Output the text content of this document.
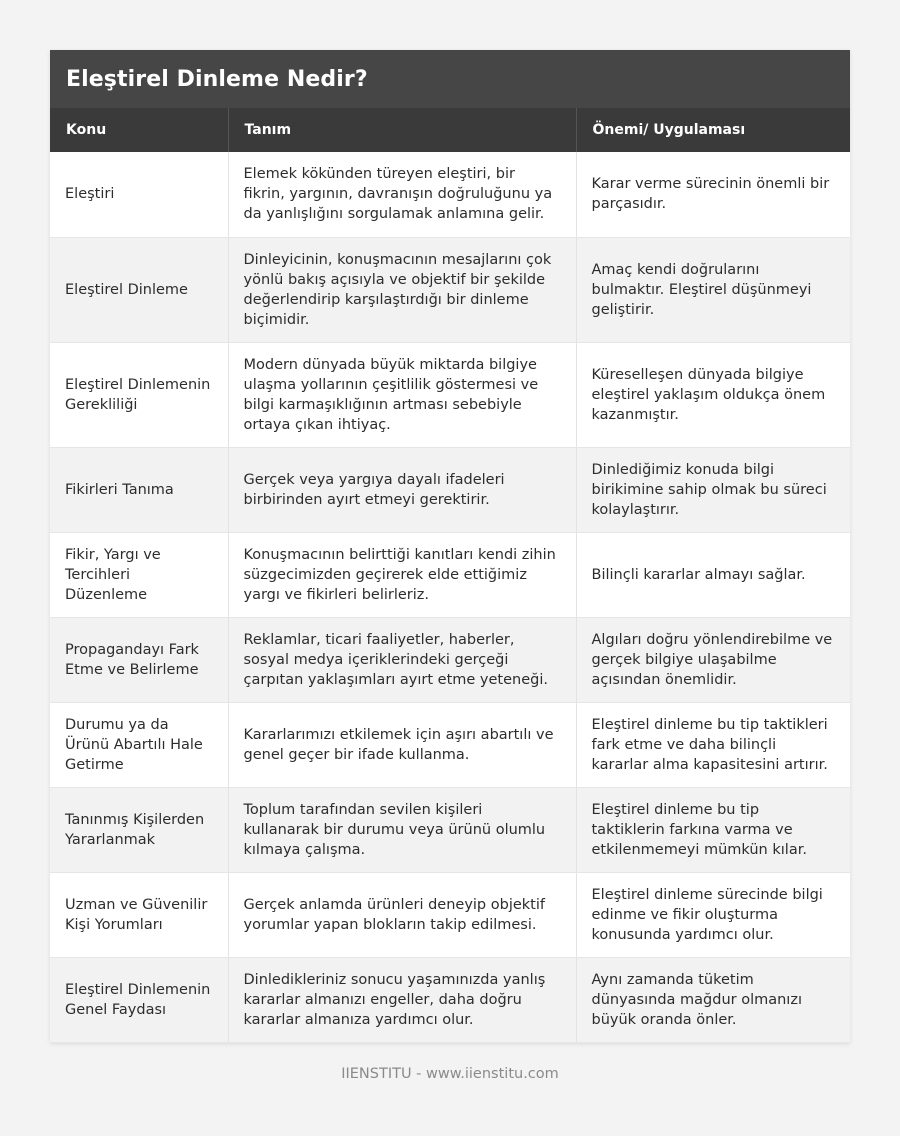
Eleştirel Dinleme Nedir?
Konu	Tanım	Önemi/ Uygulaması
Eleştiri	Elemek kökünden türeyen eleştiri, bir fikrin, yargının, davranışın doğruluğunu ya da yanlışlığını sorgulamak anlamına gelir.	Karar verme sürecinin önemli bir parçasıdır.
Eleştirel Dinleme	Dinleyicinin, konuşmacının mesajlarını çok yönlü bakış açısıyla ve objektif bir şekilde değerlendirip karşılaştırdığı bir dinleme biçimidir.	Amaç kendi doğrularını bulmaktır. Eleştirel düşünmeyi geliştirir.
Eleştirel Dinlemenin Gerekliliği	Modern dünyada büyük miktarda bilgiye ulaşma yollarının çeşitlilik göstermesi ve bilgi karmaşıklığının artması sebebiyle ortaya çıkan ihtiyaç.	Küreselleşen dünyada bilgiye eleştirel yaklaşım oldukça önem kazanmıştır.
Fikirleri Tanıma	Gerçek veya yargıya dayalı ifadeleri birbirinden ayırt etmeyi gerektirir.	Dinlediğimiz konuda bilgi birikimine sahip olmak bu süreci kolaylaştırır.
Fikir, Yargı ve Tercihleri Düzenleme	Konuşmacının belirttiği kanıtları kendi zihin süzgecimizden geçirerek elde ettiğimiz yargı ve fikirleri belirleriz.	Bilinçli kararlar almayı sağlar.
Propagandayı Fark Etme ve Belirleme	Reklamlar, ticari faaliyetler, haberler, sosyal medya içeriklerindeki gerçeği çarpıtan yaklaşımları ayırt etme yeteneği.	Algıları doğru yönlendirebilme ve gerçek bilgiye ulaşabilme açısından önemlidir.
Durumu ya da Ürünü Abartılı Hale Getirme	Kararlarımızı etkilemek için aşırı abartılı ve genel geçer bir ifade kullanma.	Eleştirel dinleme bu tip taktikleri fark etme ve daha bilinçli kararlar alma kapasitesini artırır.
Tanınmış Kişilerden Yararlanmak	Toplum tarafından sevilen kişileri kullanarak bir durumu veya ürünü olumlu kılmaya çalışma.	Eleştirel dinleme bu tip taktiklerin farkına varma ve etkilenmemeyi mümkün kılar.
Uzman ve Güvenilir Kişi Yorumları	Gerçek anlamda ürünleri deneyip objektif yorumlar yapan blokların takip edilmesi.	Eleştirel dinleme sürecinde bilgi edinme ve fikir oluşturma konusunda yardımcı olur.
Eleştirel Dinlemenin Genel Faydası	Dinledikleriniz sonucu yaşamınızda yanlış kararlar almanızı engeller, daha doğru kararlar almanıza yardımcı olur.	Aynı zamanda tüketim dünyasında mağdur olmanızı büyük oranda önler.
IIENSTITU - www.iienstitu.com
